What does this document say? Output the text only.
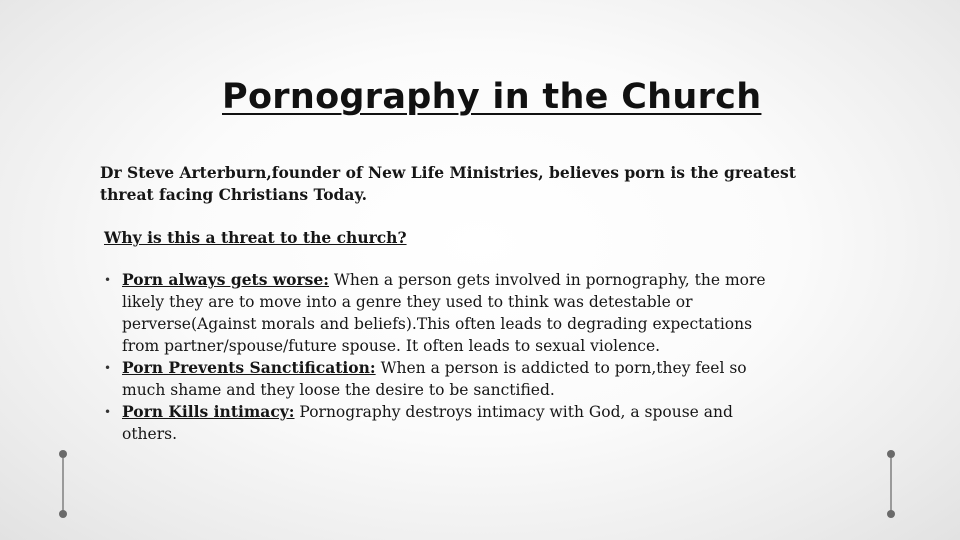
Pornography in the Church

Dr Steve Arterburn,founder of New Life Ministries, believes porn is the greatest threat facing Christians Today.

Why is this a threat to the church?

• Porn always gets worse: When a person gets involved in pornography, the more likely they are to move into a genre they used to think was detestable or perverse(Against morals and beliefs).This often leads to degrading expectations from partner/spouse/future spouse. It often leads to sexual violence.
• Porn Prevents Sanctification: When a person is addicted to porn,they feel so much shame and they loose the desire to be sanctified.
• Porn Kills intimacy: Pornography destroys intimacy with God, a spouse and others.
